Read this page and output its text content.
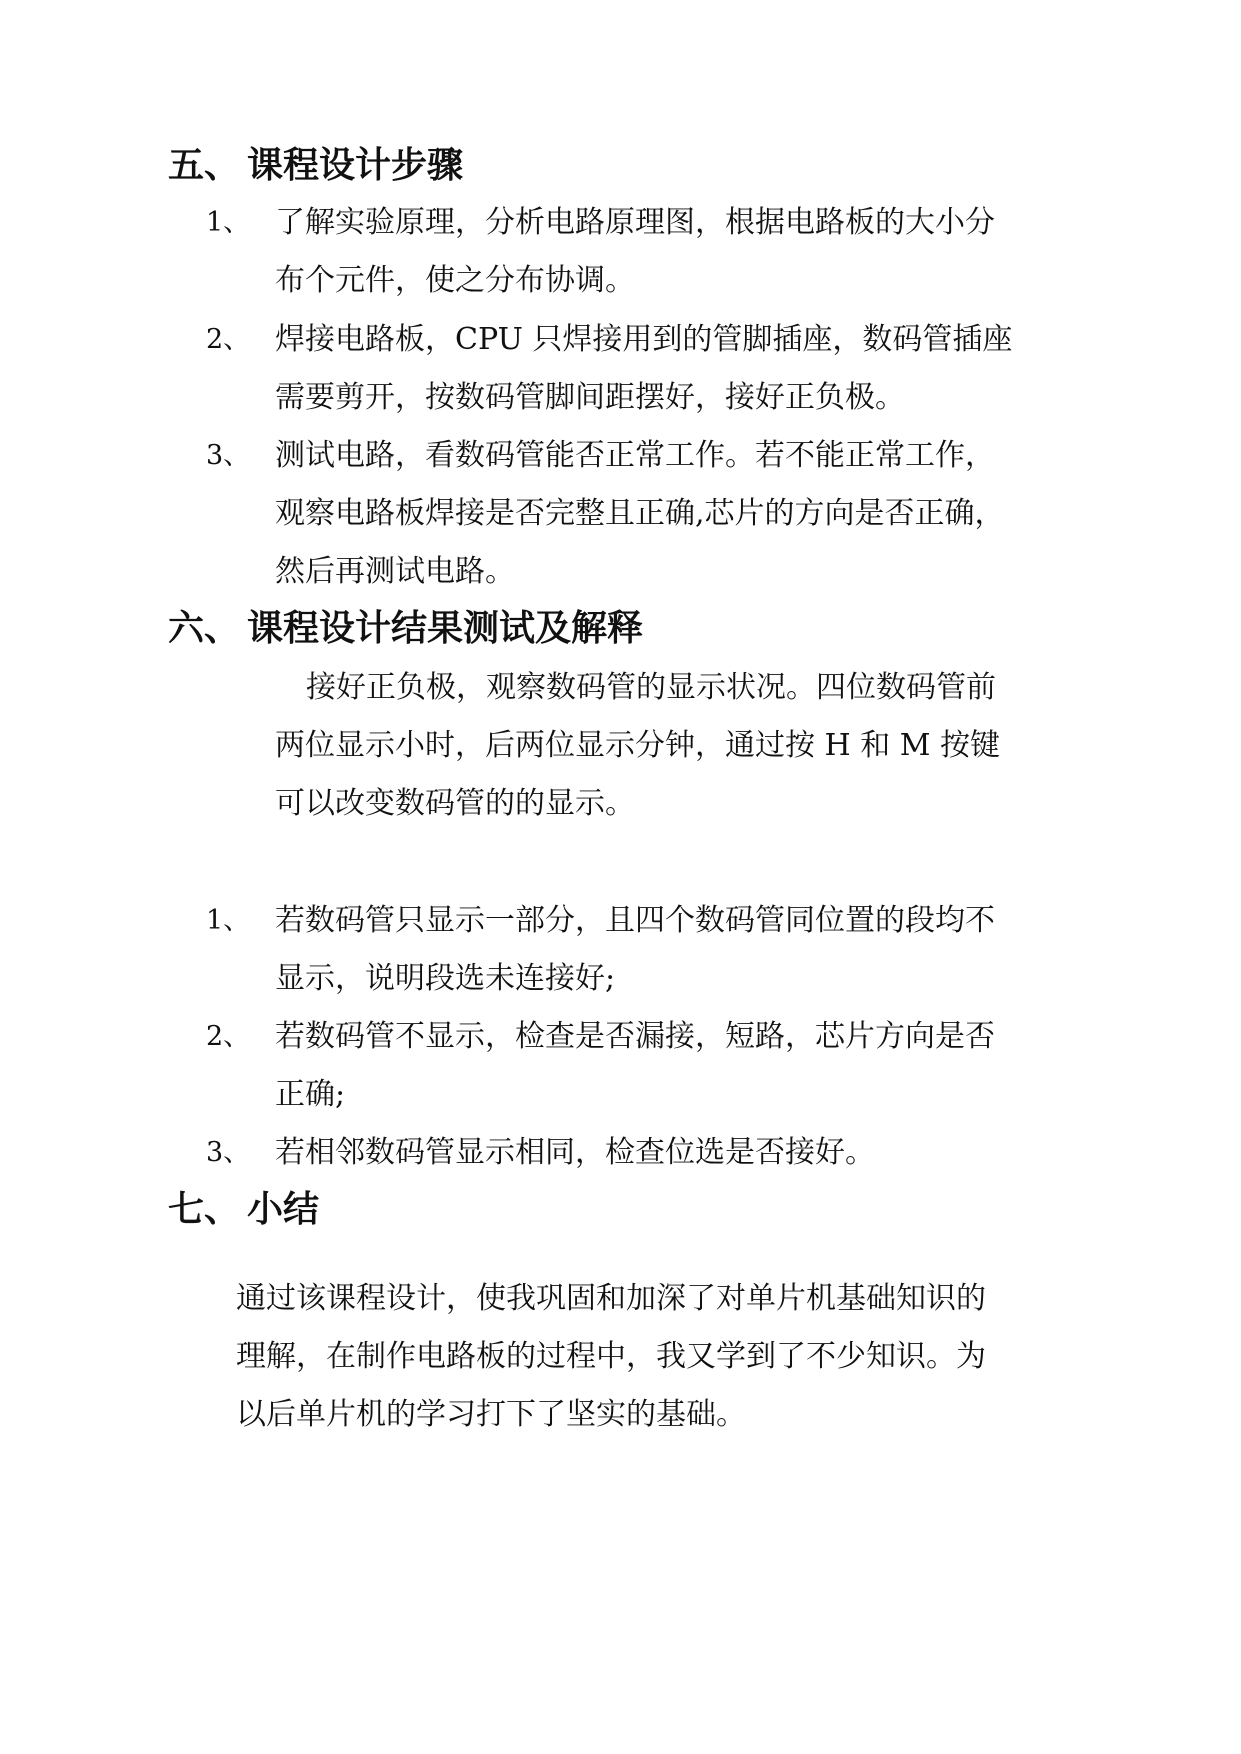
五、 课程设计步骤
1、 了解实验原理，分析电路原理图，根据电路板的大小分
布个元件，使之分布协调。
2、 焊接电路板，CPU 只焊接用到的管脚插座，数码管插座
需要剪开，按数码管脚间距摆好，接好正负极。
3、 测试电路，看数码管能否正常工作。若不能正常工作，
观察电路板焊接是否完整且正确,芯片的方向是否正确，
然后再测试电路。
六、 课程设计结果测试及解释
接好正负极，观察数码管的显示状况。四位数码管前
两位显示小时，后两位显示分钟，通过按 H 和 M 按键
可以改变数码管的的显示。
1、 若数码管只显示一部分，且四个数码管同位置的段均不
显示，说明段选未连接好;
2、 若数码管不显示，检查是否漏接，短路，芯片方向是否
正确;
3、 若相邻数码管显示相同，检查位选是否接好。
七、 小结
通过该课程设计，使我巩固和加深了对单片机基础知识的
理解，在制作电路板的过程中，我又学到了不少知识。为
以后单片机的学习打下了坚实的基础。
